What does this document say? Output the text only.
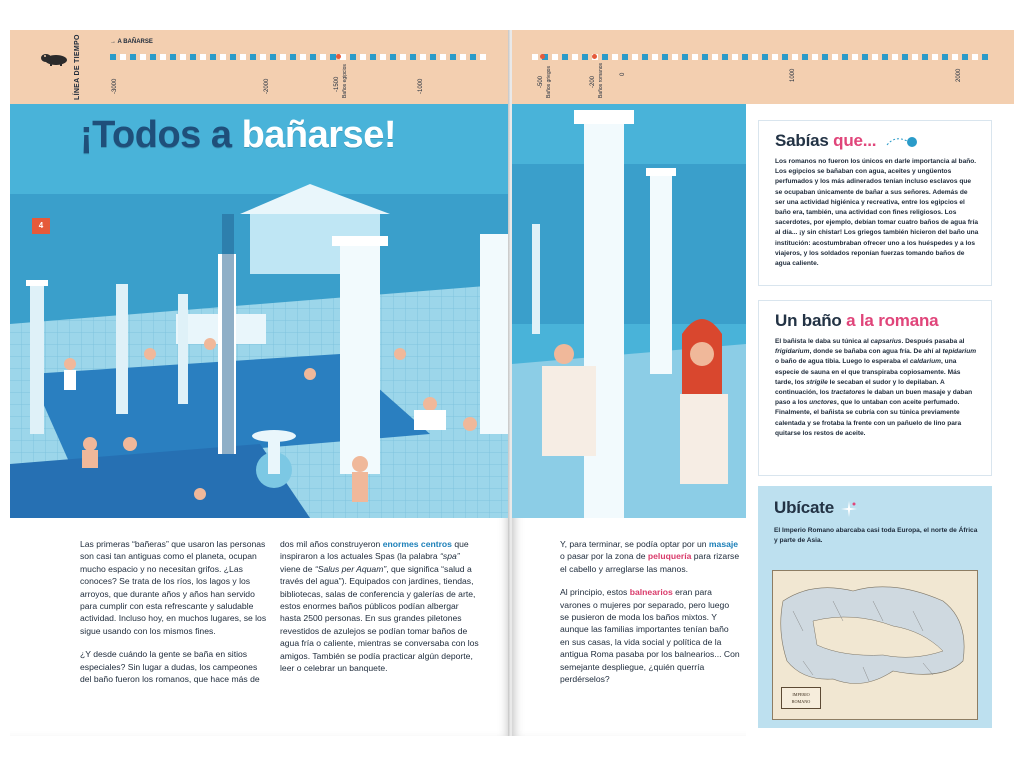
LÍNEA DE TIEMPO	→ A BAÑARSE
-3000	-2000	-1500 Baños egipcios	-1000
4
¡Todos a bañarse!

Las primeras “bañeras” que usaron las personas son casi tan antiguas como el planeta, ocupan mucho espacio y no necesitan grifos. ¿Las conoces? Se trata de los ríos, los lagos y los arroyos, que durante años y años han servido para cumplir con esta refrescante y saludable actividad. Incluso hoy, en muchos lugares, se los sigue usando con los mismos fines.

¿Y desde cuándo la gente se baña en sitios especiales? Sin lugar a dudas, los campeones del baño fueron los romanos, que hace más de

dos mil años construyeron enormes centros que inspiraron a los actuales Spas (la palabra “spa” viene de “Salus per Aquam”, que significa “salud a través del agua”). Equipados con jardines, tiendas, bibliotecas, salas de conferencia y galerías de arte, estos enormes baños públicos podían albergar hasta 2500 personas. En sus grandes piletones revestidos de azulejos se podían tomar baños de agua fría o caliente, mientras se conversaba con los amigos. También se podía practicar algún deporte, leer o celebrar un banquete.

-500 Baños griegos	-200 Baños romanos	0	1000	2000
Sabías que...
Los romanos no fueron los únicos en darle importancia al baño. Los egipcios se bañaban con agua, aceites y ungüentos perfumados y los más adinerados tenían incluso esclavos que se ocupaban únicamente de bañar a sus señores. Además de ser una actividad higiénica y recreativa, entre los egipcios el baño era, también, una actividad con fines religiosos. Los sacerdotes, por ejemplo, debían tomar cuatro baños de agua fría al día... ¡y sin chistar! Los griegos también hicieron del baño una institución: acostumbraban ofrecer uno a los huéspedes y a los viajeros, y los soldados reponían fuerzas tomando baños de agua caliente.
Un baño a la romana
El bañista le daba su túnica al capsarius. Después pasaba al frigidarium, donde se bañaba con agua fría. De ahí al tepidarium o baño de agua tibia. Luego lo esperaba el caldarium, una especie de sauna en el que transpiraba copiosamente. Más tarde, los strigile le secaban el sudor y lo depilaban. A continuación, los tractatores le daban un buen masaje y daban paso a los unctores, que lo untaban con aceite perfumado. Finalmente, el bañista se cubría con su túnica previamente calentada y se frotaba la frente con un pañuelo de lino para quitarse los restos de aceite.
Ubícate
El Imperio Romano abarcaba casi toda Europa, el norte de África y parte de Asia.
IMPERIO
ROMANO

Y, para terminar, se podía optar por un masaje o pasar por la zona de peluquería para rizarse el cabello y arreglarse las manos.

Al principio, estos balnearios eran para varones o mujeres por separado, pero luego se pusieron de moda los baños mixtos. Y aunque las familias importantes tenían baño en sus casas, la vida social y política de la antigua Roma pasaba por los balnearios... Con semejante despliegue, ¿quién querría perdérselos?
